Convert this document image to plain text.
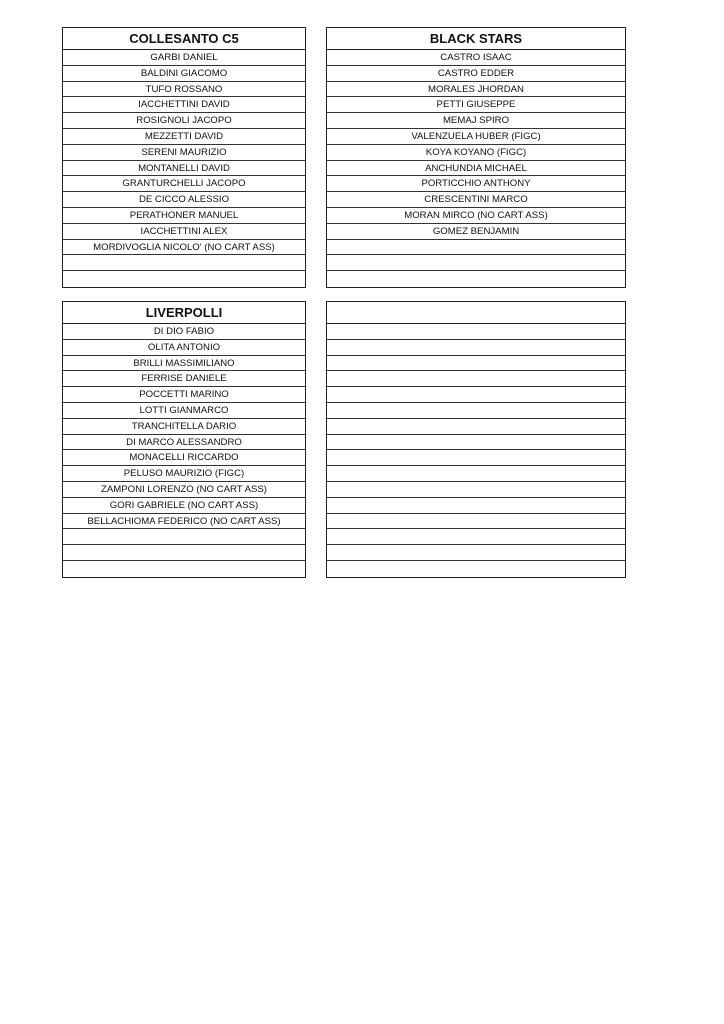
COLLESANTO C5
GARBI DANIEL
BALDINI GIACOMO
TUFO ROSSANO
IACCHETTINI DAVID
ROSIGNOLI JACOPO
MEZZETTI DAVID
SERENI MAURIZIO
MONTANELLI DAVID
GRANTURCHELLI JACOPO
DE CICCO ALESSIO
PERATHONER MANUEL
IACCHETTINI ALEX
MORDIVOGLIA NICOLO' (NO CART ASS)
BLACK STARS
CASTRO ISAAC
CASTRO EDDER
MORALES JHORDAN
PETTI GIUSEPPE
MEMAJ SPIRO
VALENZUELA HUBER (FIGC)
KOYA KOYANO (FIGC)
ANCHUNDIA MICHAEL
PORTICCHIO ANTHONY
CRESCENTINI MARCO
MORAN MIRCO (NO CART ASS)
GOMEZ BENJAMIN
LIVERPOLLI
DI DIO FABIO
OLITA ANTONIO
BRILLI MASSIMILIANO
FERRISE DANIELE
POCCETTI MARINO
LOTTI GIANMARCO
TRANCHITELLA DARIO
DI MARCO ALESSANDRO
MONACELLI RICCARDO
PELUSO MAURIZIO (FIGC)
ZAMPONI LORENZO (NO CART ASS)
GORI GABRIELE (NO CART ASS)
BELLACHIOMA FEDERICO (NO CART ASS)
